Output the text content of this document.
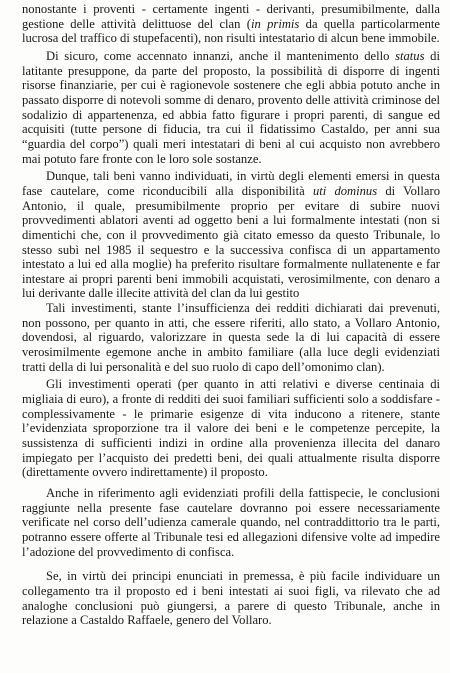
nonostante i proventi - certamente ingenti - derivanti, presumibilmente, dalla gestione delle attività delittuose del clan (in primis da quella particolarmente lucrosa del traffico di stupefacenti), non risulti intestatario di alcun bene immobile.

Di sicuro, come accennato innanzi, anche il mantenimento dello status di latitante presuppone, da parte del proposto, la possibilità di disporre di ingenti risorse finanziarie, per cui è ragionevole sostenere che egli abbia potuto anche in passato disporre di notevoli somme di denaro, provento delle attività criminose del sodalizio di appartenenza, ed abbia fatto figurare i propri parenti, di sangue ed acquisiti (tutte persone di fiducia, tra cui il fidatissimo Castaldo, per anni sua “guardia del corpo”) quali meri intestatari di beni al cui acquisto non avrebbero mai potuto fare fronte con le loro sole sostanze.

Dunque, tali beni vanno individuati, in virtù degli elementi emersi in questa fase cautelare, come riconducibili alla disponibilità uti dominus di Vollaro Antonio, il quale, presumibilmente proprio per evitare di subire nuovi provvedimenti ablatori aventi ad oggetto beni a lui formalmente intestati (non si dimentichi che, con il provvedimento già citato emesso da questo Tribunale, lo stesso subì nel 1985 il sequestro e la successiva confisca di un appartamento intestato a lui ed alla moglie) ha preferito risultare formalmente nullatenente e far intestare ai propri parenti beni immobili acquistati, verosimilmente, con denaro a lui derivante dalle illecite attività del clan da lui gestito

Tali investimenti, stante l’insufficienza dei redditi dichiarati dai prevenuti, non possono, per quanto in atti, che essere riferiti, allo stato, a Vollaro Antonio, dovendosi, al riguardo, valorizzare in questa sede la di lui capacità di essere verosimilmente egemone anche in ambito familiare (alla luce degli evidenziati tratti della di lui personalità e del suo ruolo di capo dell’omonimo clan).

Gli investimenti operati (per quanto in atti relativi e diverse centinaia di migliaia di euro), a fronte di redditi dei suoi familiari sufficienti solo a soddisfare - complessivamente - le primarie esigenze di vita inducono a ritenere, stante l’evidenziata sproporzione tra il valore dei beni e le competenze percepite, la sussistenza di sufficienti indizi in ordine alla provenienza illecita del danaro impiegato per l’acquisto dei predetti beni, dei quali attualmente risulta disporre (direttamente ovvero indirettamente) il proposto.

Anche in riferimento agli evidenziati profili della fattispecie, le conclusioni raggiunte nella presente fase cautelare dovranno poi essere necessariamente verificate nel corso dell’udienza camerale quando, nel contraddittorio tra le parti, potranno essere offerte al Tribunale tesi ed allegazioni difensive volte ad impedire l’adozione del provvedimento di confisca.

Se, in virtù dei principi enunciati in premessa, è più facile individuare un collegamento tra il proposto ed i beni intestati ai suoi figli, va rilevato che ad analoghe conclusioni può giungersi, a parere di questo Tribunale, anche in relazione a Castaldo Raffaele, genero del Vollaro.
